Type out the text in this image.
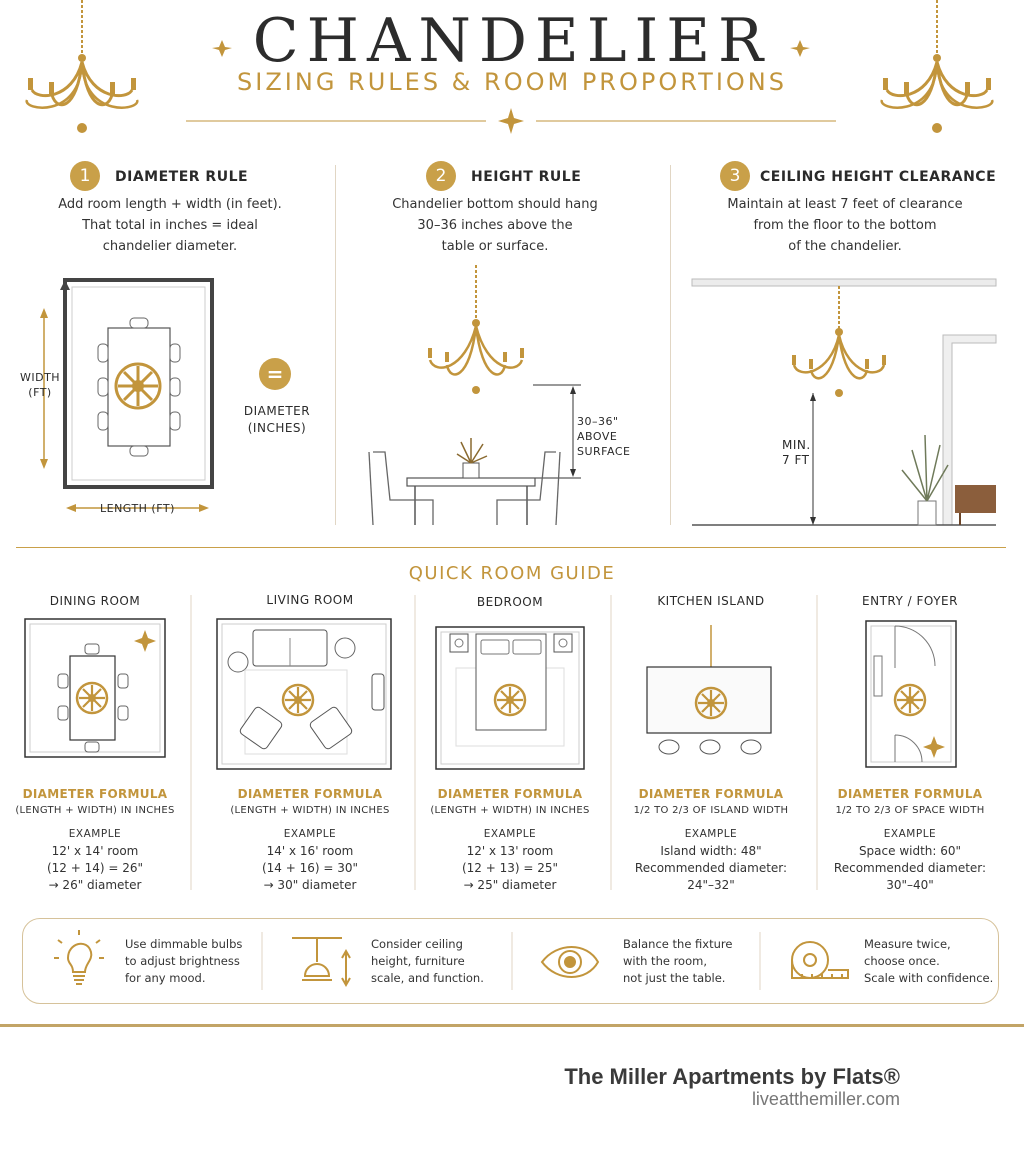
CHANDELIER
SIZING RULES & ROOM PROPORTIONS
1	DIAMETER RULE
Add room length + width (in feet).
That total in inches = ideal
chandelier diameter.
WIDTH
(FT)
LENGTH (FT)
=
DIAMETER
(INCHES)
2	HEIGHT RULE
Chandelier bottom should hang
30–36 inches above the
table or surface.
30–36"
ABOVE
SURFACE
3	CEILING HEIGHT CLEARANCE
Maintain at least 7 feet of clearance
from the floor to the bottom
of the chandelier.
MIN.
7 FT
QUICK ROOM GUIDE
DINING ROOM
DIAMETER FORMULA
(LENGTH + WIDTH) IN INCHES
EXAMPLE
12' x 14' room
(12 + 14) = 26"
→ 26" diameter
LIVING ROOM
DIAMETER FORMULA
(LENGTH + WIDTH) IN INCHES
EXAMPLE
14' x 16' room
(14 + 16) = 30"
→ 30" diameter
BEDROOM
DIAMETER FORMULA
(LENGTH + WIDTH) IN INCHES
EXAMPLE
12' x 13' room
(12 + 13) = 25"
→ 25" diameter
KITCHEN ISLAND
DIAMETER FORMULA
1/2 TO 2/3 OF ISLAND WIDTH
EXAMPLE
Island width: 48"
Recommended diameter:
24"–32"
ENTRY / FOYER
DIAMETER FORMULA
1/2 TO 2/3 OF SPACE WIDTH
EXAMPLE
Space width: 60"
Recommended diameter:
30"–40"
Use dimmable bulbs
to adjust brightness
for any mood.
Consider ceiling
height, furniture
scale, and function.
Balance the fixture
with the room,
not just the table.
Measure twice,
choose once.
Scale with confidence.
The Miller Apartments by Flats®
liveatthemiller.com
